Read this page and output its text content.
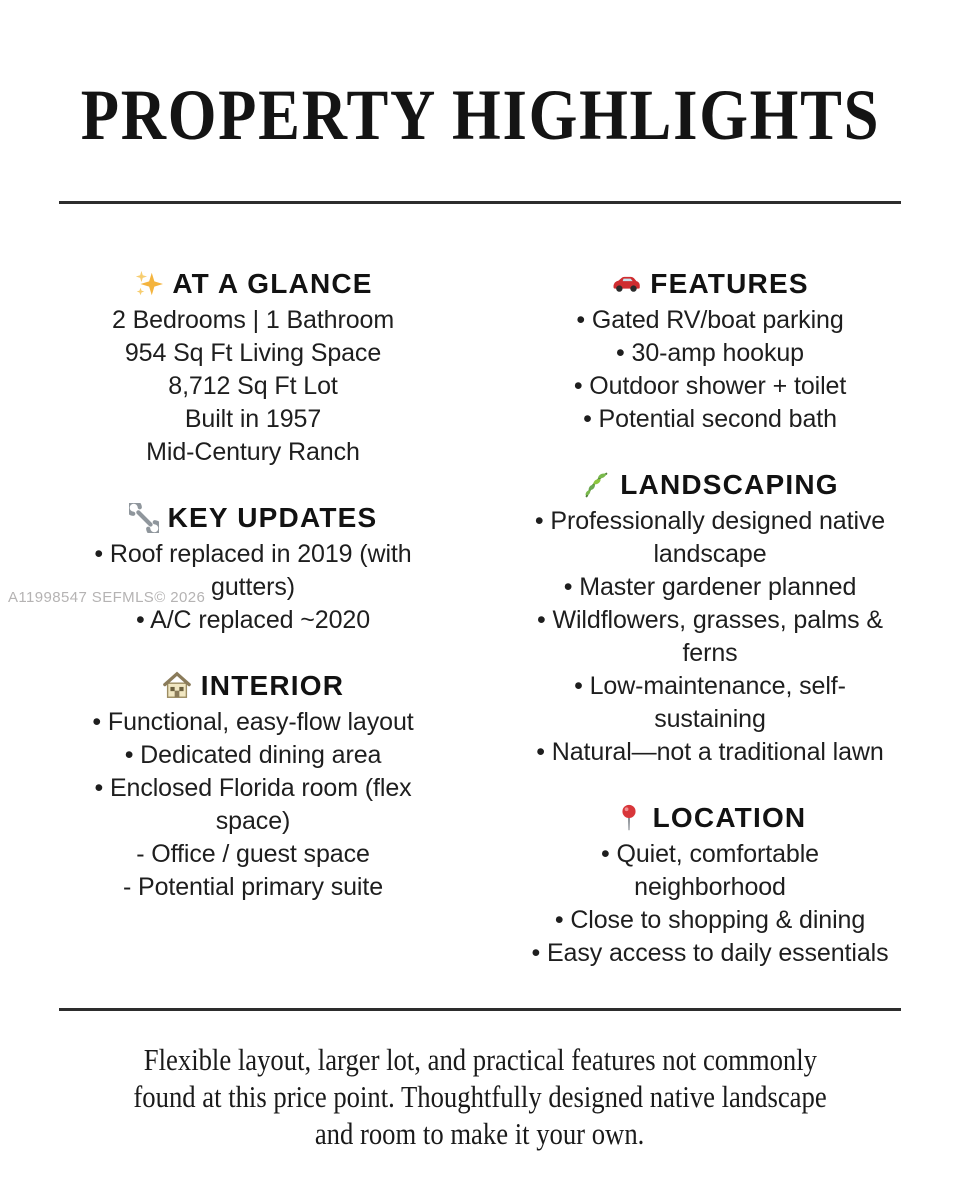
PROPERTY HIGHLIGHTS
A11998547 SEFMLS© 2026
AT A GLANCE
2 Bedrooms | 1 Bathroom
954 Sq Ft Living Space
8,712 Sq Ft Lot
Built in 1957
Mid-Century Ranch
KEY UPDATES
• Roof replaced in 2019 (with
gutters)
• A/C replaced ~2020
INTERIOR
• Functional, easy-flow layout
• Dedicated dining area
• Enclosed Florida room (flex
space)
- Office / guest space
- Potential primary suite
FEATURES
• Gated RV/boat parking
• 30-amp hookup
• Outdoor shower + toilet
• Potential second bath
LANDSCAPING
• Professionally designed native
landscape
• Master gardener planned
• Wildflowers, grasses, palms &
ferns
• Low-maintenance, self-
sustaining
• Natural—not a traditional lawn
LOCATION
• Quiet, comfortable
neighborhood
• Close to shopping & dining
• Easy access to daily essentials
Flexible layout, larger lot, and practical features not commonly
found at this price point. Thoughtfully designed native landscape
and room to make it your own.
